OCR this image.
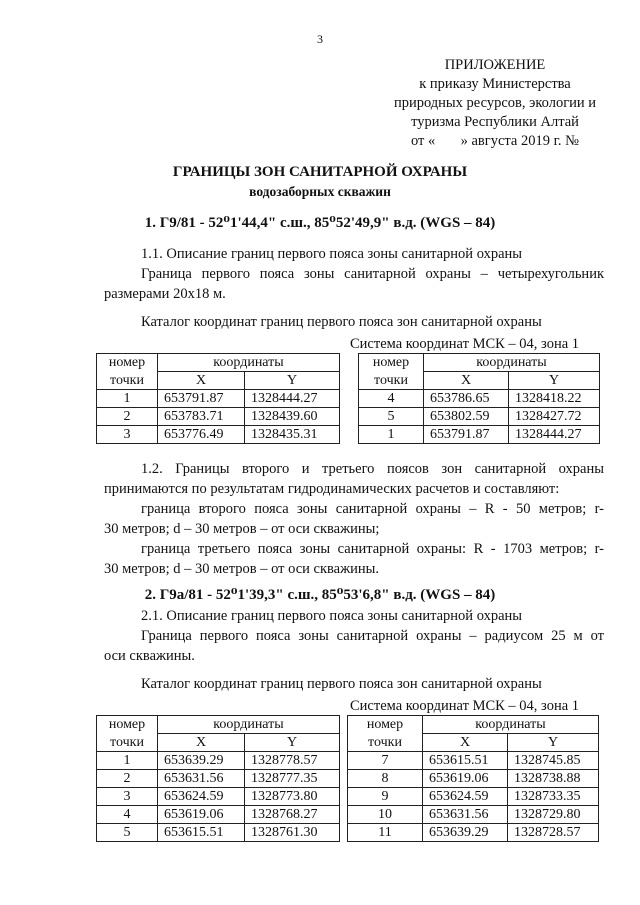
3
ПРИЛОЖЕНИЕ
к приказу Министерства
природных ресурсов, экологии и
туризма Республики Алтай
от «       » августа 2019 г. №
ГРАНИЦЫ ЗОН САНИТАРНОЙ ОХРАНЫ
водозаборных скважин
1. Г9/81 - 52⁰1'44,4" с.ш., 85⁰52'49,9" в.д. (WGS – 84)
1.1. Описание границ первого пояса зоны санитарной охраны
Граница первого пояса зоны санитарной охраны – четырехугольник
размерами 20х18 м.
Каталог координат границ первого пояса зон санитарной охраны
Система координат МСК – 04, зона 1
номер	координаты	
точки	X	Y
1	653791.87	1328444.27
2	653783.71	1328439.60
3	653776.49	1328435.31
номер	координаты	
точки	X	Y
4	653786.65	1328418.22
5	653802.59	1328427.72
1	653791.87	1328444.27
1.2. Границы второго и третьего поясов зон санитарной охраны
принимаются по результатам гидродинамических расчетов и составляют:
граница второго пояса зоны санитарной охраны – R - 50 метров; r-
30 метров; d – 30 метров – от оси скважины;
граница третьего пояса зоны санитарной охраны: R - 1703 метров; r-
30 метров; d – 30 метров – от оси скважины.
2. Г9а/81 - 52⁰1'39,3" с.ш., 85⁰53'6,8" в.д. (WGS – 84)
2.1. Описание границ первого пояса зоны санитарной охраны
Граница первого пояса зоны санитарной охраны – радиусом 25 м от
оси скважины.
Каталог координат границ первого пояса зон санитарной охраны
Система координат МСК – 04, зона 1
номер	координаты	
точки	X	Y
1	653639.29	1328778.57
2	653631.56	1328777.35
3	653624.59	1328773.80
4	653619.06	1328768.27
5	653615.51	1328761.30
номер	координаты	
точки	X	Y
7	653615.51	1328745.85
8	653619.06	1328738.88
9	653624.59	1328733.35
10	653631.56	1328729.80
11	653639.29	1328728.57
